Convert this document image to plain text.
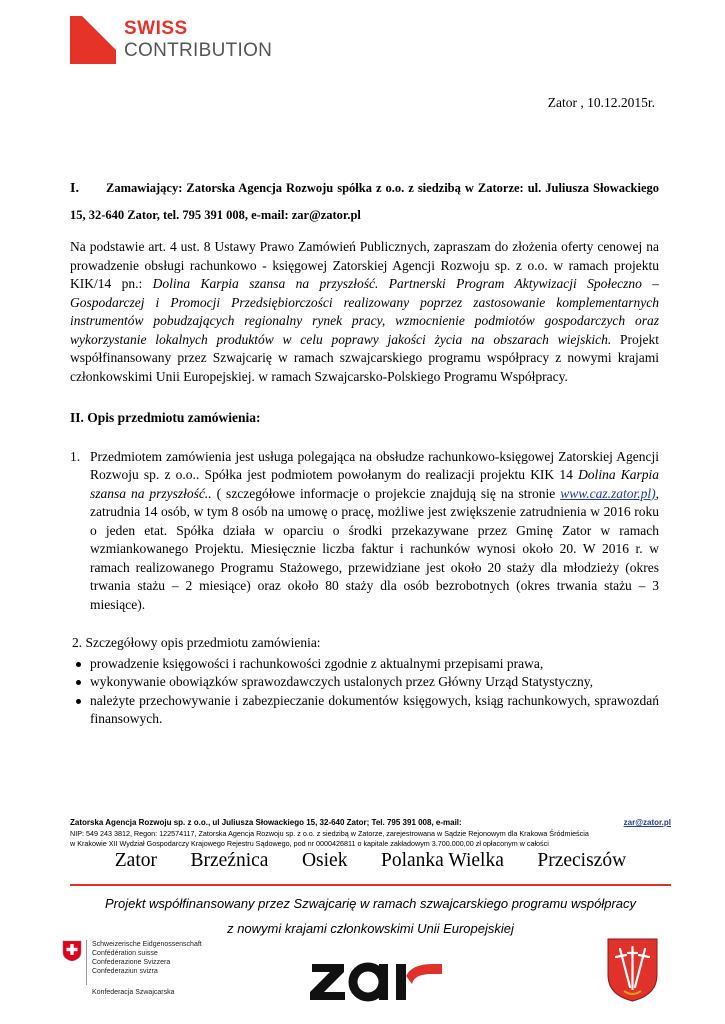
SWISS
CONTRIBUTION
Zator , 10.12.2015r.
I. Zamawiający: Zatorska Agencja Rozwoju spółka z o.o. z siedzibą w Zatorze: ul. Juliusza Słowackiego 15, 32-640 Zator, tel. 795 391 008, e-mail: zar@zator.pl

Na podstawie art. 4 ust. 8 Ustawy Prawo Zamówień Publicznych, zapraszam do złożenia oferty cenowej na prowadzenie obsługi rachunkowo - księgowej Zatorskiej Agencji Rozwoju sp. z o.o. w ramach projektu KIK/14 pn.: Dolina Karpia szansa na przyszłość. Partnerski Program Aktywizacji Społeczno – Gospodarczej i Promocji Przedsiębiorczości realizowany poprzez zastosowanie komplementarnych instrumentów pobudzających regionalny rynek pracy, wzmocnienie podmiotów gospodarczych oraz wykorzystanie lokalnych produktów w celu poprawy jakości życia na obszarach wiejskich. Projekt współfinansowany przez Szwajcarię w ramach szwajcarskiego programu współpracy z nowymi krajami członkowskimi Unii Europejskiej. w ramach Szwajcarsko-Polskiego Programu Współpracy.

II. Opis przedmiotu zamówienia:
1. Przedmiotem zamówienia jest usługa polegająca na obsłudze rachunkowo-księgowej Zatorskiej Agencji Rozwoju sp. z o.o.. Spółka jest podmiotem powołanym do realizacji projektu KIK 14 Dolina Karpia szansa na przyszłość.. ( szczegółowe informacje o projekcie znajdują się na stronie www.caz.zator.pl), zatrudnia 14 osób, w tym 8 osób na umowę o pracę, możliwe jest zwiększenie zatrudnienia w 2016 roku o jeden etat. Spółka działa w oparciu o środki przekazywane przez Gminę Zator w ramach wzmiankowanego Projektu. Miesięcznie liczba faktur i rachunków wynosi około 20. W 2016 r. w ramach realizowanego Programu Stażowego, przewidziane jest około 20 staży dla młodzieży (okres trwania stażu – 2 miesiące) oraz około 80 staży dla osób bezrobotnych (okres trwania stażu – 3 miesiące).
2. Szczegółowy opis przedmiotu zamówienia:
prowadzenie księgowości i rachunkowości zgodnie z aktualnymi przepisami prawa,
wykonywanie obowiązków sprawozdawczych ustalonych przez Główny Urząd Statystyczny,
należyte przechowywanie i zabezpieczanie dokumentów księgowych, ksiąg rachunkowych, sprawozdań finansowych.
Zatorska Agencja Rozwoju sp. z o.o., ul Juliusza Słowackiego 15, 32-640 Zator; Tel. 795 391 008, e-mail:	zar@zator.pl
NIP: 549 243 3812, Regon: 122574117, Zatorska Agencja Rozwoju sp. z o.o. z siedzibą w Zatorze, zarejestrowana w Sądzie Rejonowym dla Krakowa Śródmieścia
w Krakowie XII Wydział Gospodarczy Krajowego Rejestru Sądowego, pod nr 0000426811 o kapitale zakładowym 3.700.000,00 zł opłaconym w całości
Zator Brzeźnica Osiek Polanka Wielka Przeciszów
Projekt współfinansowany przez Szwajcarię w ramach szwajcarskiego programu współpracy
z nowymi krajami członkowskimi Unii Europejskiej
Schweizerische Eidgenossenschaft
Confédération suisse
Confederazione Svizzera
Confederaziun svizra
Konfederacja Szwajcarska
